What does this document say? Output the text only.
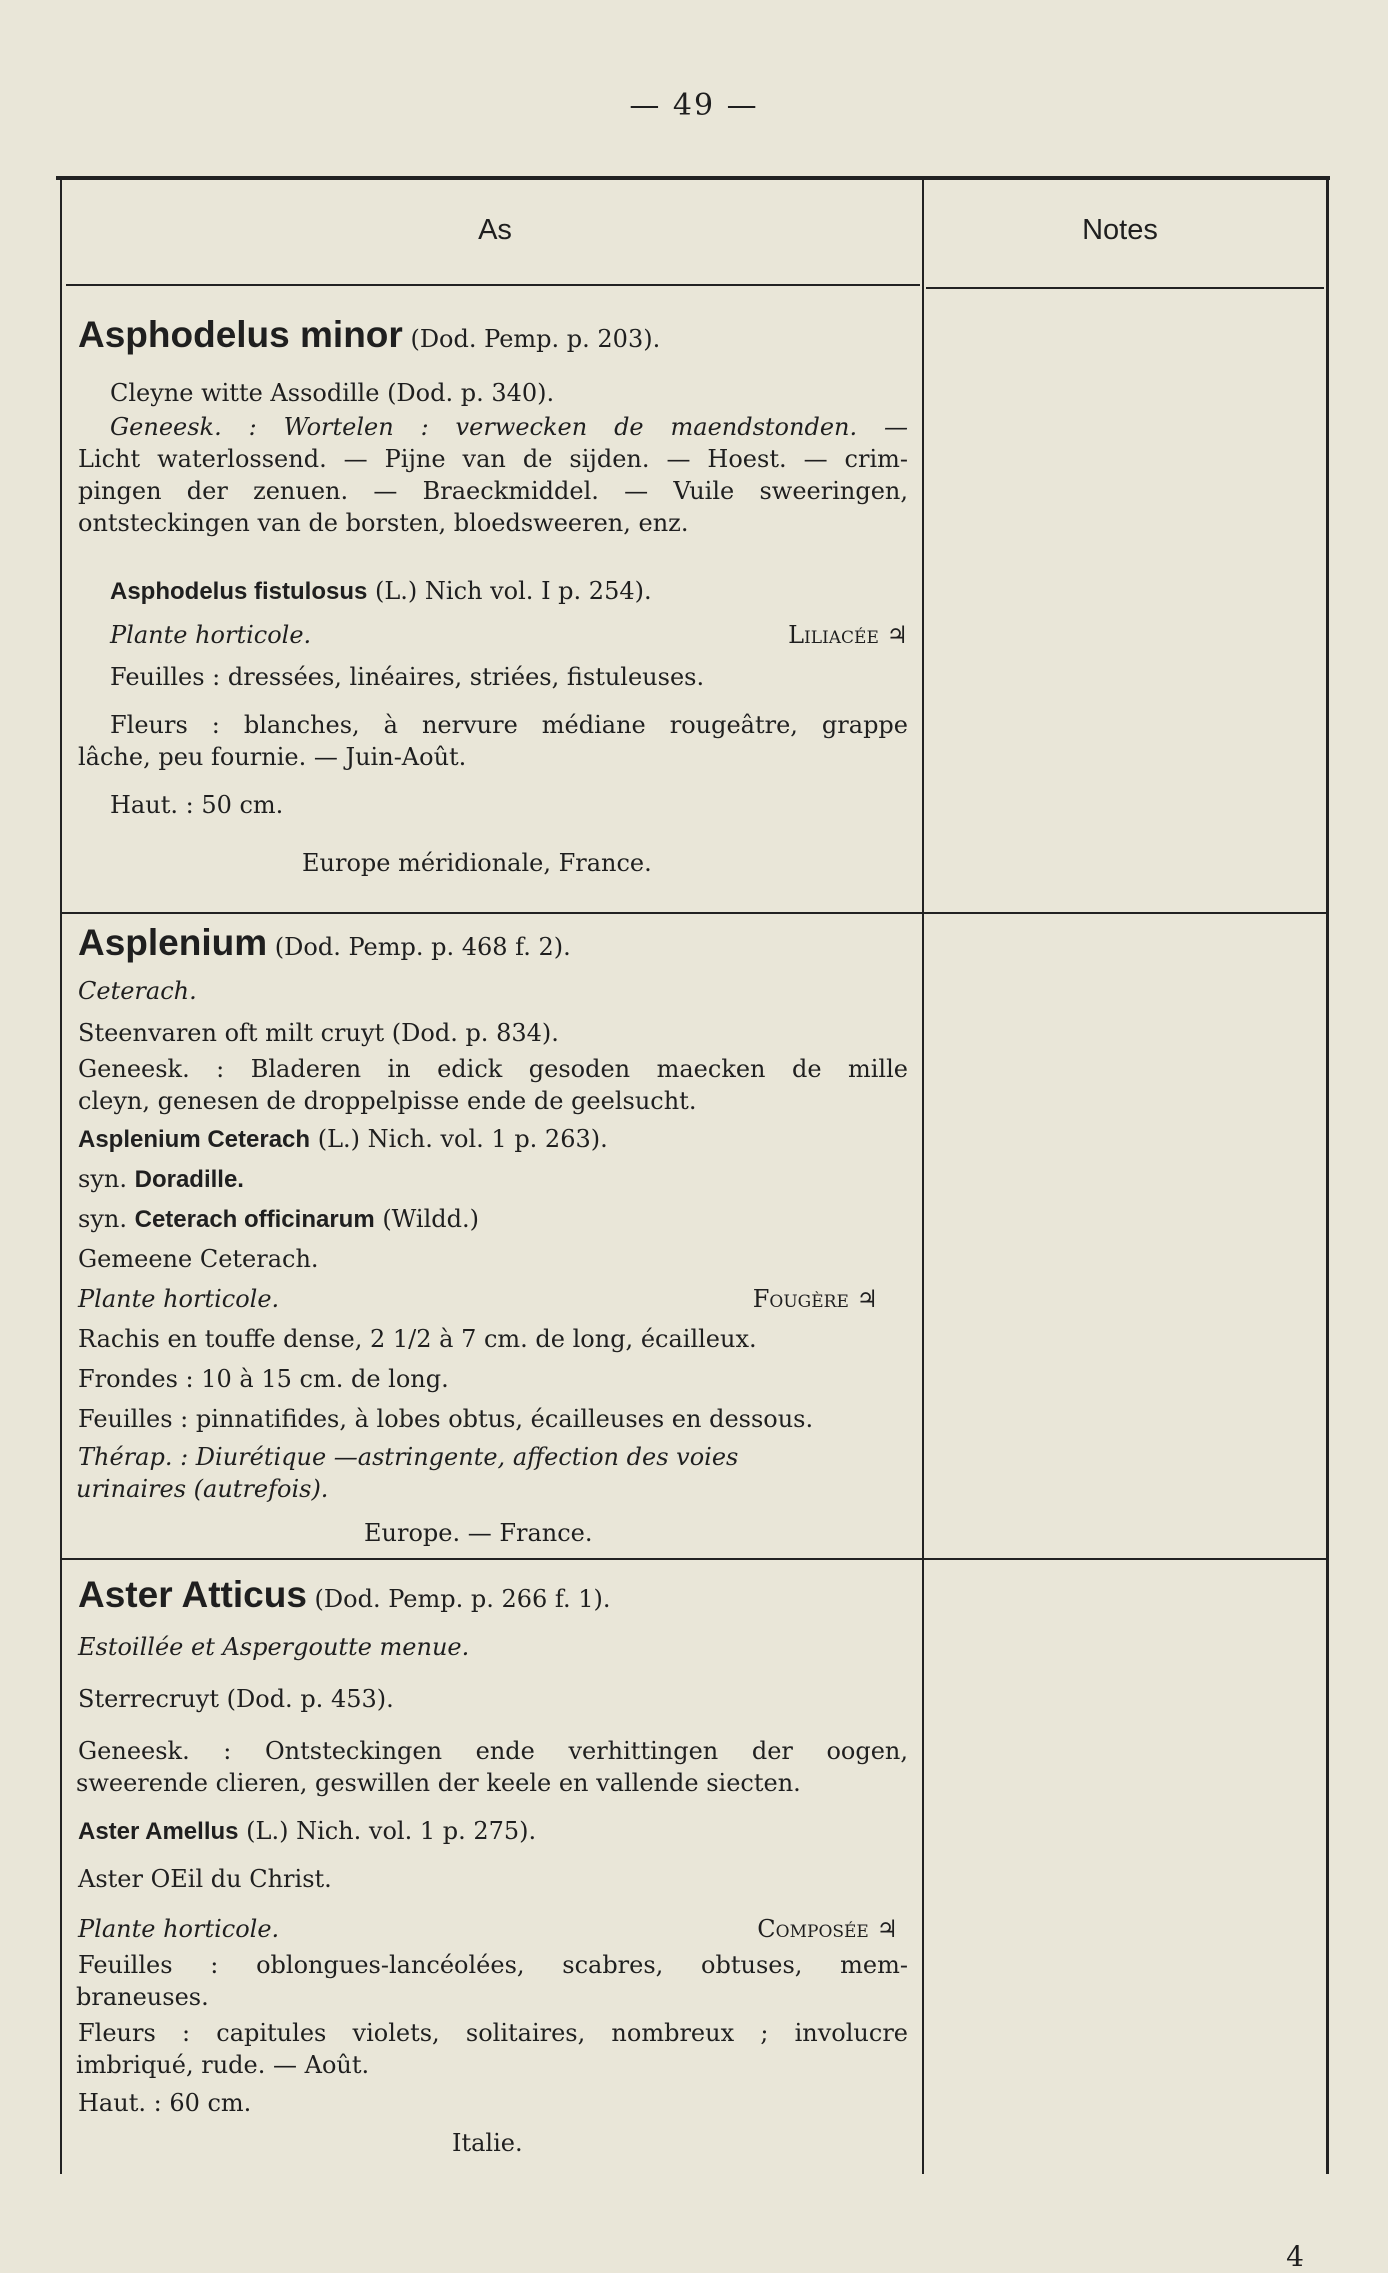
— 49 —
As	Notes
Asphodelus minor (Dod. Pemp. p. 203).
Cleyne witte Assodille (Dod. p. 340).
Geneesk. : Wortelen : verwecken de maendstonden. —
Licht waterlossend. — Pijne van de sijden. — Hoest. — crim-
pingen der zenuen. — Braeckmiddel. — Vuile sweeringen,
ontsteckingen van de borsten, bloedsweeren, enz.
Asphodelus fistulosus (L.) Nich vol. I p. 254).
Plante horticole.	Liliacée ♃
Feuilles : dressées, linéaires, striées, fistuleuses.
Fleurs : blanches, à nervure médiane rougeâtre, grappe
lâche, peu fournie. — Juin-Août.
Haut. : 50 cm.
Europe méridionale, France.
Asplenium (Dod. Pemp. p. 468 f. 2).
Ceterach.
Steenvaren oft milt cruyt (Dod. p. 834).
Geneesk. : Bladeren in edick gesoden maecken de mille
cleyn, genesen de droppelpisse ende de geelsucht.
Asplenium Ceterach (L.) Nich. vol. 1 p. 263).
syn. Doradille.
syn. Ceterach officinarum (Wildd.)
Gemeene Ceterach.
Plante horticole.	Fougère ♃
Rachis en touffe dense, 2 1/2 à 7 cm. de long, écailleux.
Frondes : 10 à 15 cm. de long.
Feuilles : pinnatifides, à lobes obtus, écailleuses en dessous.
Thérap. : Diurétique —astringente, affection des voies
urinaires (autrefois).
Europe. — France.
Aster Atticus (Dod. Pemp. p. 266 f. 1).
Estoillée et Aspergoutte menue.
Sterrecruyt (Dod. p. 453).
Geneesk. : Ontsteckingen ende verhittingen der oogen,
sweerende clieren, geswillen der keele en vallende siecten.
Aster Amellus (L.) Nich. vol. 1 p. 275).
Aster OEil du Christ.
Plante horticole.	Composée ♃
Feuilles : oblongues-lancéolées, scabres, obtuses, mem-
braneuses.
Fleurs : capitules violets, solitaires, nombreux ; involucre
imbriqué, rude. — Août.
Haut. : 60 cm.
Italie.
4
